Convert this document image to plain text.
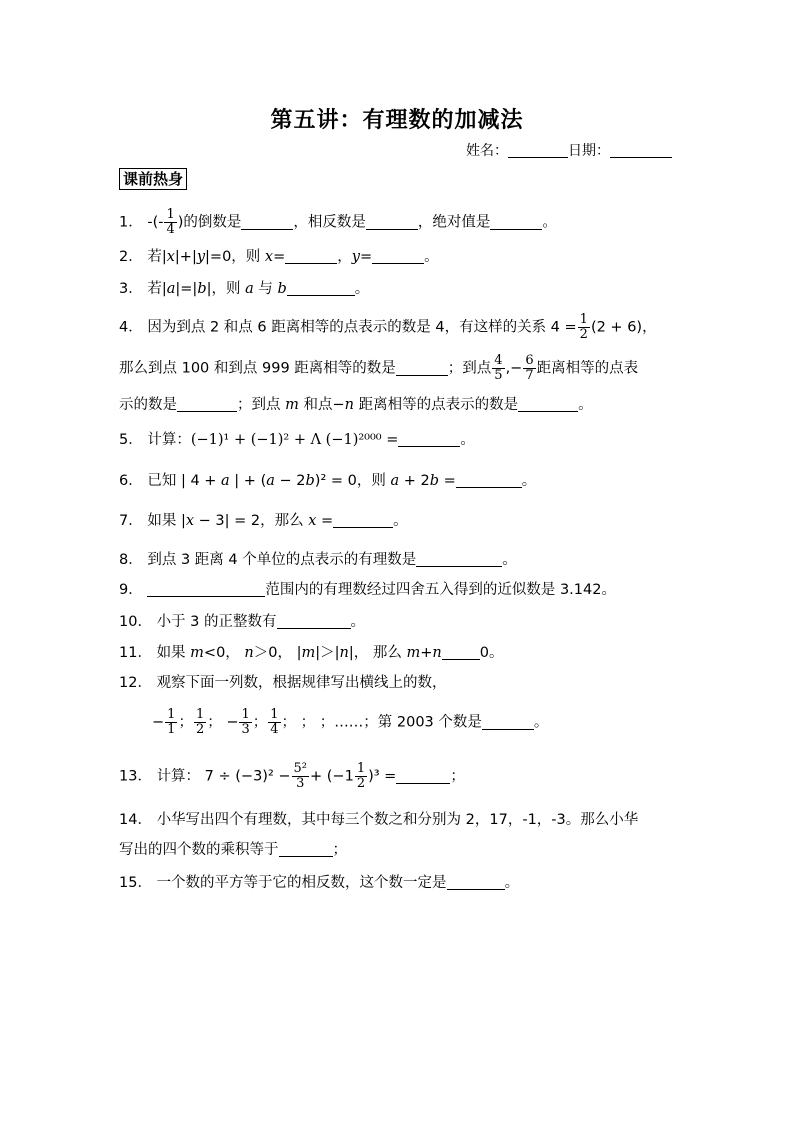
第五讲：有理数的加减法
姓名：	日期：
课前热身
1． -(- $\frac{1}{4}$ )的倒数是	，相反数是	，绝对值是	。
2． 若|x|+|y|=0，则 x=	，y=	。
3． 若|a|=|b|，则 a 与 b	。
4． 因为到点 2 和点 6 距离相等的点表示的数是 4，有这样的关系 $4 = \frac{1}{2} (2 + 6)$，
那么到点 100 和到点 999 距离相等的数是	；到点 $\frac{4}{5}$ ,− $\frac{6}{7}$ 距离相等的点表
示的数是	；到点 m 和点−n 距离相等的点表示的数是	。
5． 计算：(−1)¹ + (−1)² + Λ (−1)²⁰⁰⁰ =	。
6． 已知 | 4 + a | + (a − 2b)² = 0，则 a + 2b =	。
7． 如果 |x − 3| = 2，那么 x =	。
8． 到点 3 距离 4 个单位的点表示的有理数是	。
9．	范围内的有理数经过四舍五入得到的近似数是 3.142。
10． 小于 3 的正整数有	。
11． 如果 m<0， n＞0， |m|＞|n|， 那么 m+n	0。
12． 观察下面一列数，根据规律写出横线上的数，
− $\frac{1}{1}$ ； $\frac{1}{2}$ ； − $\frac{1}{3}$ ； $\frac{1}{4}$ ； ； ；……；第 2003 个数是	。
13． 计算： $7 \div (-3)^2 - \frac{\text{5²}}{3} + (-1 \frac{1}{2} )^3$ =	；
14． 小华写出四个有理数，其中每三个数之和分别为 2，17，-1，-3。那么小华
写出的四个数的乘积等于	；
15． 一个数的平方等于它的相反数，这个数一定是	。
